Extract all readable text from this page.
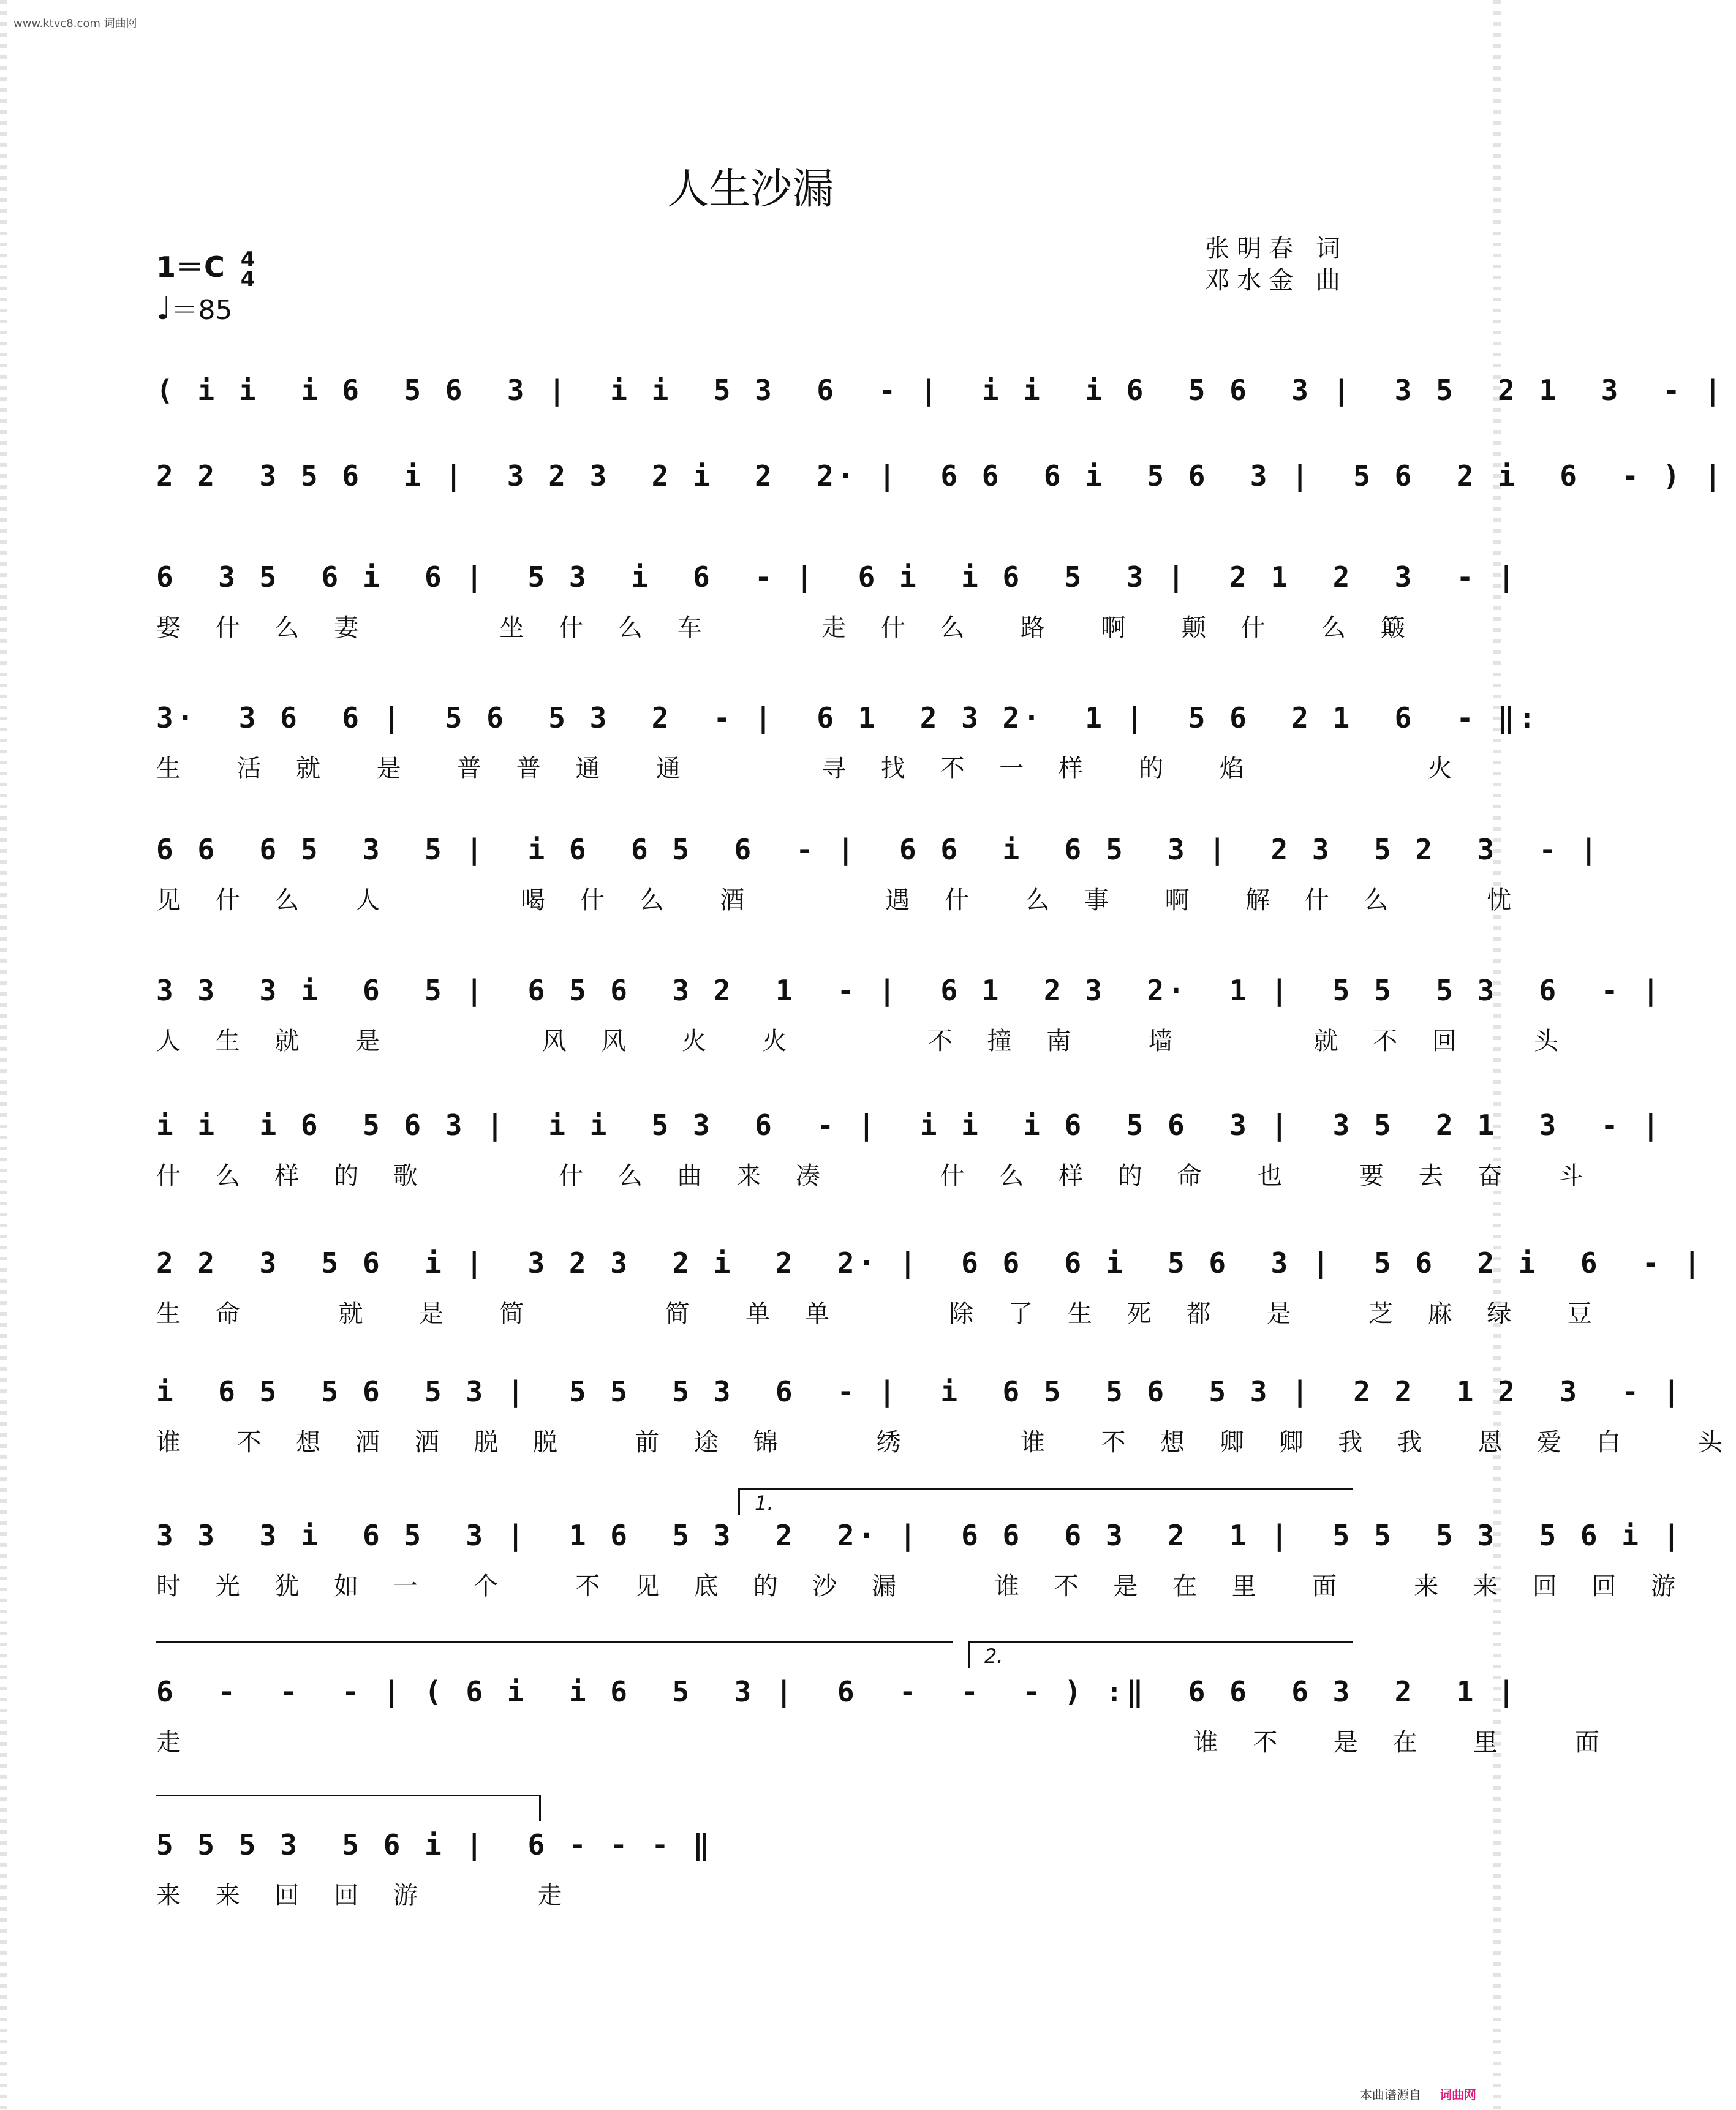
www.ktvc8.com 词曲网
人生沙漏
张明春 词
邓水金 曲
1＝C 4
4
♩＝85
( i i  i 6  5 6  3 |  i i  5 3  6  - |  i i  i 6  5 6  3 |  3 5  2 1  3  - |
2 2  3 5 6  i |  3 2 3  2 i  2  2· |  6 6  6 i  5 6  3 |  5 6  2 i  6  - ) |
6  3 5  6 i  6 |  5 3  i  6  - |  6 i  i 6  5  3 |  2 1  2  3  - |
娶 什 么 妻      坐 什 么 车     走 什 么  路  啊  颠 什  么 簸
3·  3 6  6 |  5 6  5 3  2  - |  6 1  2 3 2·  1 |  5 6  2 1  6  - ‖:
生  活 就  是  普 普 通  通      寻 找 不 一 样  的  焰        火
6 6  6 5  3  5 |  i 6  6 5  6  - |  6 6  i  6 5  3 |  2 3  5 2  3  - |
见 什 么  人      喝 什 么  酒      遇 什  么 事  啊  解 什 么    忧
3 3  3 i  6  5 |  6 5 6  3 2  1  - |  6 1  2 3  2·  1 |  5 5  5 3  6  - |
人 生 就  是       风 风  火  火      不 撞 南   墙      就 不 回   头
i i  i 6  5 6 3 |  i i  5 3  6  - |  i i  i 6  5 6  3 |  3 5  2 1  3  - |
什 么 样 的 歌      什 么 曲 来 凑     什 么 样 的 命  也   要 去 奋  斗
2 2  3  5 6  i |  3 2 3  2 i  2  2· |  6 6  6 i  5 6  3 |  5 6  2 i  6  - |
生 命    就  是  简      简  单 单     除 了 生 死 都  是   芝 麻 绿  豆
i  6 5  5 6  5 3 |  5 5  5 3  6  - |  i  6 5  5 6  5 3 |  2 2  1 2  3  - |
谁  不 想 洒 洒 脱 脱   前 途 锦    绣     谁  不 想 卿 卿 我 我  恩 爱 白   头
3 3  3 i  6 5  3 |  1 6  5 3  2  2· |  6 6  6 3  2  1 |  5 5  5 3  5 6 i |
时 光 犹 如 一  个   不 见 底 的 沙 漏    谁 不 是 在 里  面   来 来 回 回 游
6  -  -  - | ( 6 i  i 6  5  3 |  6  -  -  - ) :‖  6 6  6 3  2  1 |
走                                               谁 不  是 在  里   面
5 5 5 3  5 6 i |  6 - - - ‖
来 来 回 回 游     走
1.
2.
本曲谱源自 词曲网
